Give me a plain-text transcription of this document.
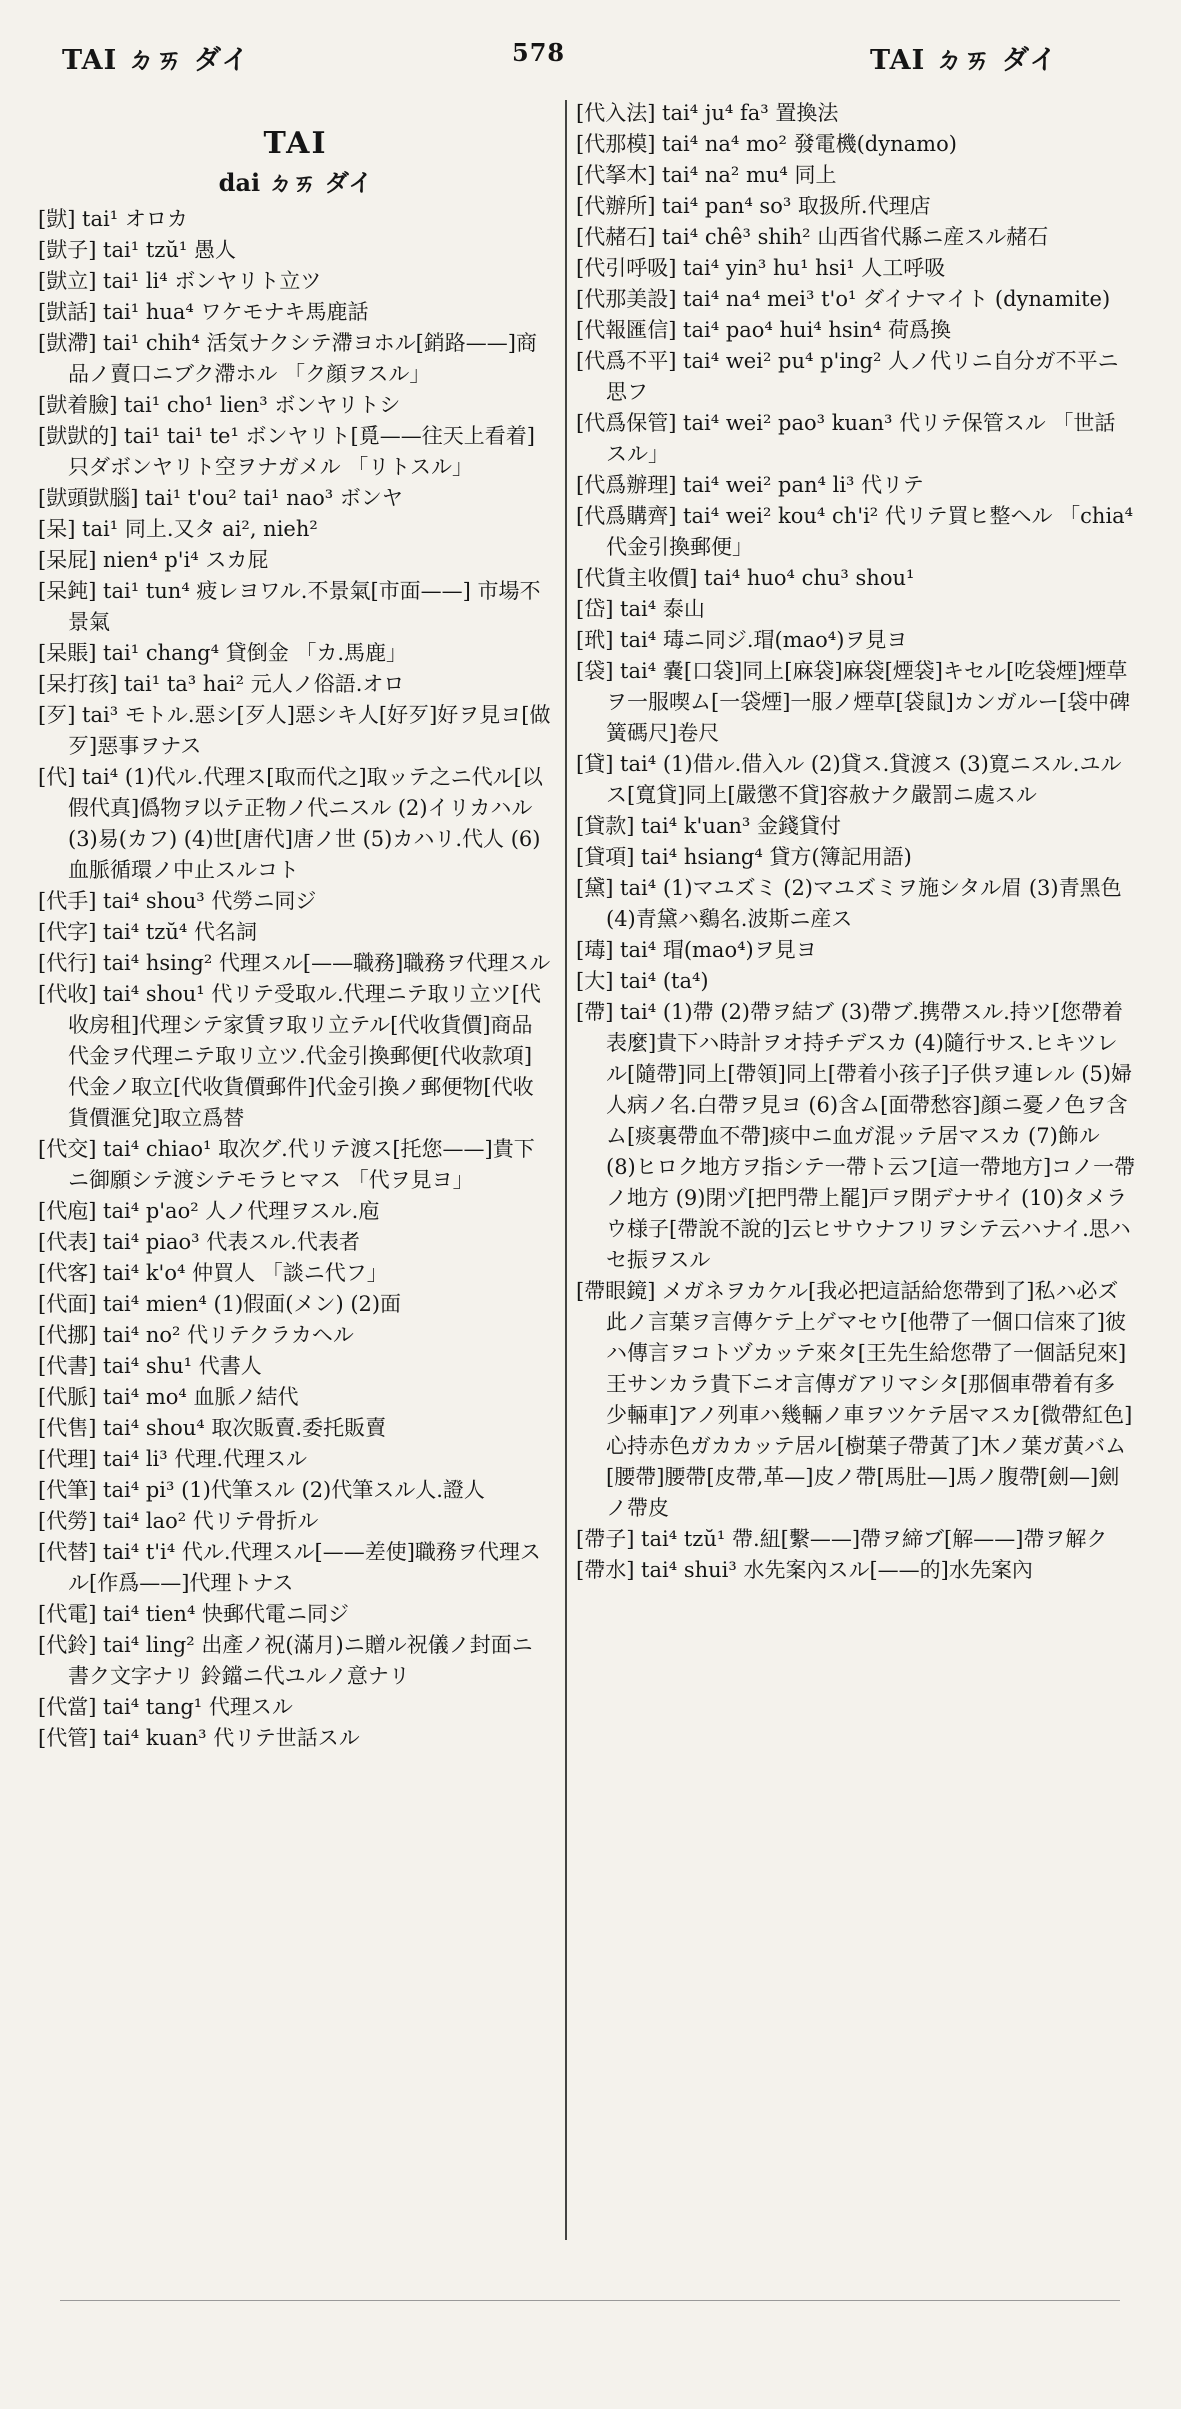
TAI ㄉㄞ ダイ	578	TAI ㄉㄞ ダイ
TAI
dai ㄉㄞ ダイ

[獃] tai¹ オロカ

[獃子] tai¹ tzŭ¹ 愚人

[獃立] tai¹ li⁴ ボンヤリト立ツ

[獃話] tai¹ hua⁴ ワケモナキ馬鹿話

[獃滯] tai¹ chih⁴ 活気ナクシテ滯ヨホル[銷路——]商品ノ賣口ニブク滯ホル 「ク顔ヲスル」

[獃着臉] tai¹ cho¹ lien³ ボンヤリトシ

[獃獃的] tai¹ tai¹ te¹ ボンヤリト[覓——往天上看着] 只ダボンヤリト空ヲナガメル 「リトスル」

[獃頭獃腦] tai¹ t'ou² tai¹ nao³ ボンヤ

[呆] tai¹ 同上.又タ ai², nieh²

[呆屁] nien⁴ p'i⁴ スカ屁

[呆鈍] tai¹ tun⁴ 疲レヨワル.不景氣[市面——] 市場不景氣

[呆賬] tai¹ chang⁴ 貸倒金 「カ.馬鹿」

[呆打孩] tai¹ ta³ hai² 元人ノ俗語.オロ

[歹] tai³ モトル.惡シ[歹人]惡シキ人[好歹]好ヲ見ヨ[做歹]惡事ヲナス

[代] tai⁴ (1)代ル.代理ス[取而代之]取ッテ之ニ代ル[以假代真]僞物ヲ以テ正物ノ代ニスル (2)イリカハル (3)易(カフ) (4)世[唐代]唐ノ世 (5)カハリ.代人 (6)血脈循環ノ中止スルコト

[代手] tai⁴ shou³ 代勞ニ同ジ

[代字] tai⁴ tzŭ⁴ 代名詞

[代行] tai⁴ hsing² 代理スル[——職務]職務ヲ代理スル

[代收] tai⁴ shou¹ 代リテ受取ル.代理ニテ取リ立ツ[代收房租]代理シテ家賃ヲ取リ立テル[代收貨價]商品代金ヲ代理ニテ取リ立ツ.代金引換郵便[代收款項]代金ノ取立[代收貨價郵件]代金引換ノ郵便物[代收貨價滙兌]取立爲替

[代交] tai⁴ chiao¹ 取次グ.代リテ渡ス[托您——]貴下ニ御願シテ渡シテモラヒマス 「代ヲ見ヨ」

[代庖] tai⁴ p'ao² 人ノ代理ヲスル.庖

[代表] tai⁴ piao³ 代表スル.代表者

[代客] tai⁴ k'o⁴ 仲買人 「談ニ代フ」

[代面] tai⁴ mien⁴ (1)假面(メン) (2)面

[代挪] tai⁴ no² 代リテクラカヘル

[代書] tai⁴ shu¹ 代書人

[代脈] tai⁴ mo⁴ 血脈ノ結代

[代售] tai⁴ shou⁴ 取次販賣.委托販賣

[代理] tai⁴ li³ 代理.代理スル

[代筆] tai⁴ pi³ (1)代筆スル (2)代筆スル人.證人

[代勞] tai⁴ lao² 代リテ骨折ル

[代替] tai⁴ t'i⁴ 代ル.代理スル[——差使]職務ヲ代理スル[作爲——]代理トナス

[代電] tai⁴ tien⁴ 快郵代電ニ同ジ

[代鈴] tai⁴ ling² 出產ノ祝(滿月)ニ贈ル祝儀ノ封面ニ書ク文字ナリ 鈴鐺ニ代ユルノ意ナリ

[代當] tai⁴ tang¹ 代理スル

[代管] tai⁴ kuan³ 代リテ世話スル

[代入法] tai⁴ ju⁴ fa³ 置換法

[代那模] tai⁴ na⁴ mo² 發電機(dynamo)

[代拏木] tai⁴ na² mu⁴ 同上

[代辦所] tai⁴ pan⁴ so³ 取扱所.代理店

[代赭石] tai⁴ chê³ shih² 山西省代縣ニ産スル赭石

[代引呼吸] tai⁴ yin³ hu¹ hsi¹ 人工呼吸

[代那美設] tai⁴ na⁴ mei³ t'o¹ ダイナマイト (dynamite)

[代報匯信] tai⁴ pao⁴ hui⁴ hsin⁴ 荷爲換

[代爲不平] tai⁴ wei² pu⁴ p'ing² 人ノ代リニ自分ガ不平ニ思フ

[代爲保管] tai⁴ wei² pao³ kuan³ 代リテ保管スル 「世話スル」

[代爲辦理] tai⁴ wei² pan⁴ li³ 代リテ

[代爲購齊] tai⁴ wei² kou⁴ ch'i² 代リテ買ヒ整ヘル 「chia⁴ 代金引換郵便」

[代貨主收價] tai⁴ huo⁴ chu³ shou¹

[岱] tai⁴ 泰山

[玳] tai⁴ 瑇ニ同ジ.瑁(mao⁴)ヲ見ヨ

[袋] tai⁴ 嚢[口袋]同上[麻袋]麻袋[煙袋]キセル[吃袋煙]煙草ヲ一服喫ム[一袋煙]一服ノ煙草[袋鼠]カンガルー[袋中碑簧碼尺]卷尺

[貸] tai⁴ (1)借ル.借入ル (2)貸ス.貸渡ス (3)寛ニスル.ユルス[寬貸]同上[嚴懲不貸]容赦ナク嚴罰ニ處スル

[貸款] tai⁴ k'uan³ 金錢貸付

[貸項] tai⁴ hsiang⁴ 貸方(簿記用語)

[黛] tai⁴ (1)マユズミ (2)マユズミヲ施シタル眉 (3)青黑色 (4)青黛ハ鷄名.波斯ニ産ス

[瑇] tai⁴ 瑁(mao⁴)ヲ見ヨ

[大] tai⁴ (ta⁴)

[帶] tai⁴ (1)帶 (2)帶ヲ結ブ (3)帶ブ.携帶スル.持ツ[您帶着表麼]貴下ハ時計ヲオ持チデスカ (4)隨行サス.ヒキツレル[隨帶]同上[帶領]同上[帶着小孩子]子供ヲ連レル (5)婦人病ノ名.白帶ヲ見ヨ (6)含ム[面帶愁容]顔ニ憂ノ色ヲ含ム[痰裏帶血不帶]痰中ニ血ガ混ッテ居マスカ (7)飾ル (8)ヒロク地方ヲ指シテ一帶ト云フ[這一帶地方]コノ一帶ノ地方 (9)閉ヅ[把門帶上罷]戸ヲ閉デナサイ (10)タメラウ様子[帶說不說的]云ヒサウナフリヲシテ云ハナイ.思ハセ振ヲスル

[帶眼鏡] メガネヲカケル[我必把這話給您帶到了]私ハ必ズ此ノ言葉ヲ言傳ケテ上ゲマセウ[他帶了一個口信來了]彼ハ傳言ヲコトヅカッテ來タ[王先生給您帶了一個話兒來]王サンカラ貴下ニオ言傳ガアリマシタ[那個車帶着有多少輛車]アノ列車ハ幾輛ノ車ヲツケテ居マスカ[微帶紅色]心持赤色ガカカッテ居ル[樹葉子帶黃了]木ノ葉ガ黃バム[腰帶]腰帶[皮帶,革—]皮ノ帶[馬肚—]馬ノ腹帶[劍—]劍ノ帶皮

[帶子] tai⁴ tzŭ¹ 帶.紐[繫——]帶ヲ締ブ[解——]帶ヲ解ク

[帶水] tai⁴ shui³ 水先案內スル[——的]水先案內
